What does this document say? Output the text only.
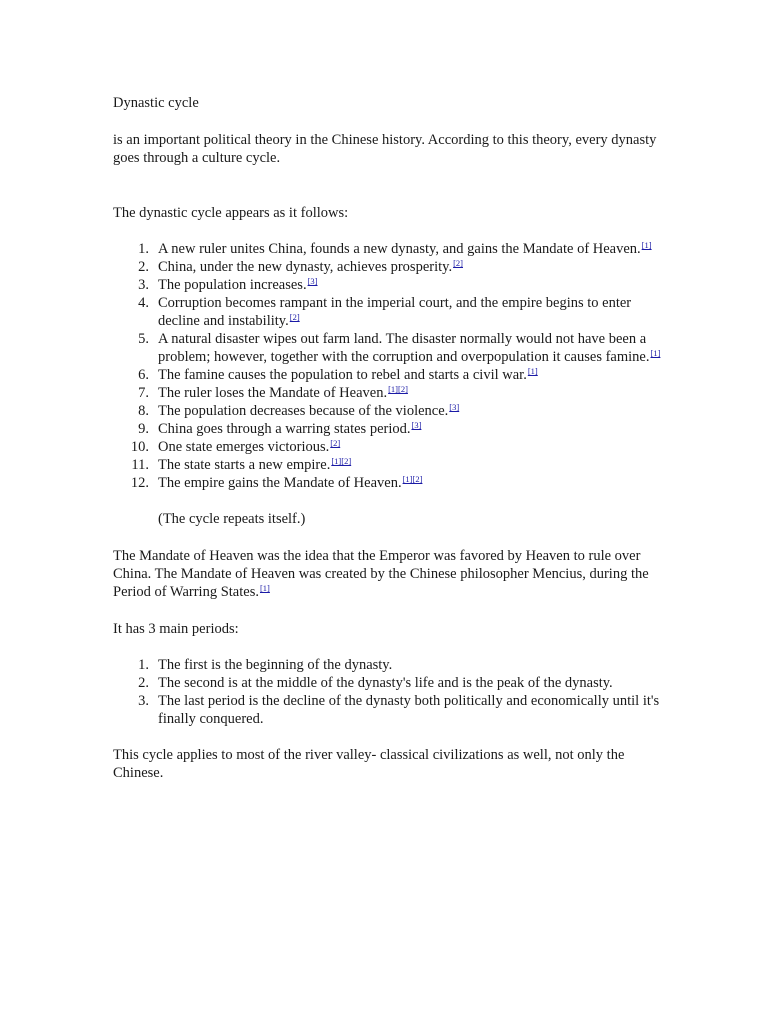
Dynastic cycle

is an important political theory in the Chinese history. According to this theory, every dynasty goes through a culture cycle.

The dynastic cycle appears as it follows:

1. A new ruler unites China, founds a new dynasty, and gains the Mandate of Heaven.[1]
2. China, under the new dynasty, achieves prosperity.[2]
3. The population increases.[3]
4. Corruption becomes rampant in the imperial court, and the empire begins to enter decline and instability.[2]
5. A natural disaster wipes out farm land. The disaster normally would not have been a problem; however, together with the corruption and overpopulation it causes famine.[1]
6. The famine causes the population to rebel and starts a civil war.[1]
7. The ruler loses the Mandate of Heaven.[1][2]
8. The population decreases because of the violence.[3]
9. China goes through a warring states period.[3]
10. One state emerges victorious.[2]
11. The state starts a new empire.[1][2]
12. The empire gains the Mandate of Heaven.[1][2]

(The cycle repeats itself.)

The Mandate of Heaven was the idea that the Emperor was favored by Heaven to rule over China. The Mandate of Heaven was created by the Chinese philosopher Mencius, during the Period of Warring States.[1]

It has 3 main periods:

1. The first is the beginning of the dynasty.
2. The second is at the middle of the dynasty's life and is the peak of the dynasty.
3. The last period is the decline of the dynasty both politically and economically until it's finally conquered.

This cycle applies to most of the river valley- classical civilizations as well, not only the Chinese.
